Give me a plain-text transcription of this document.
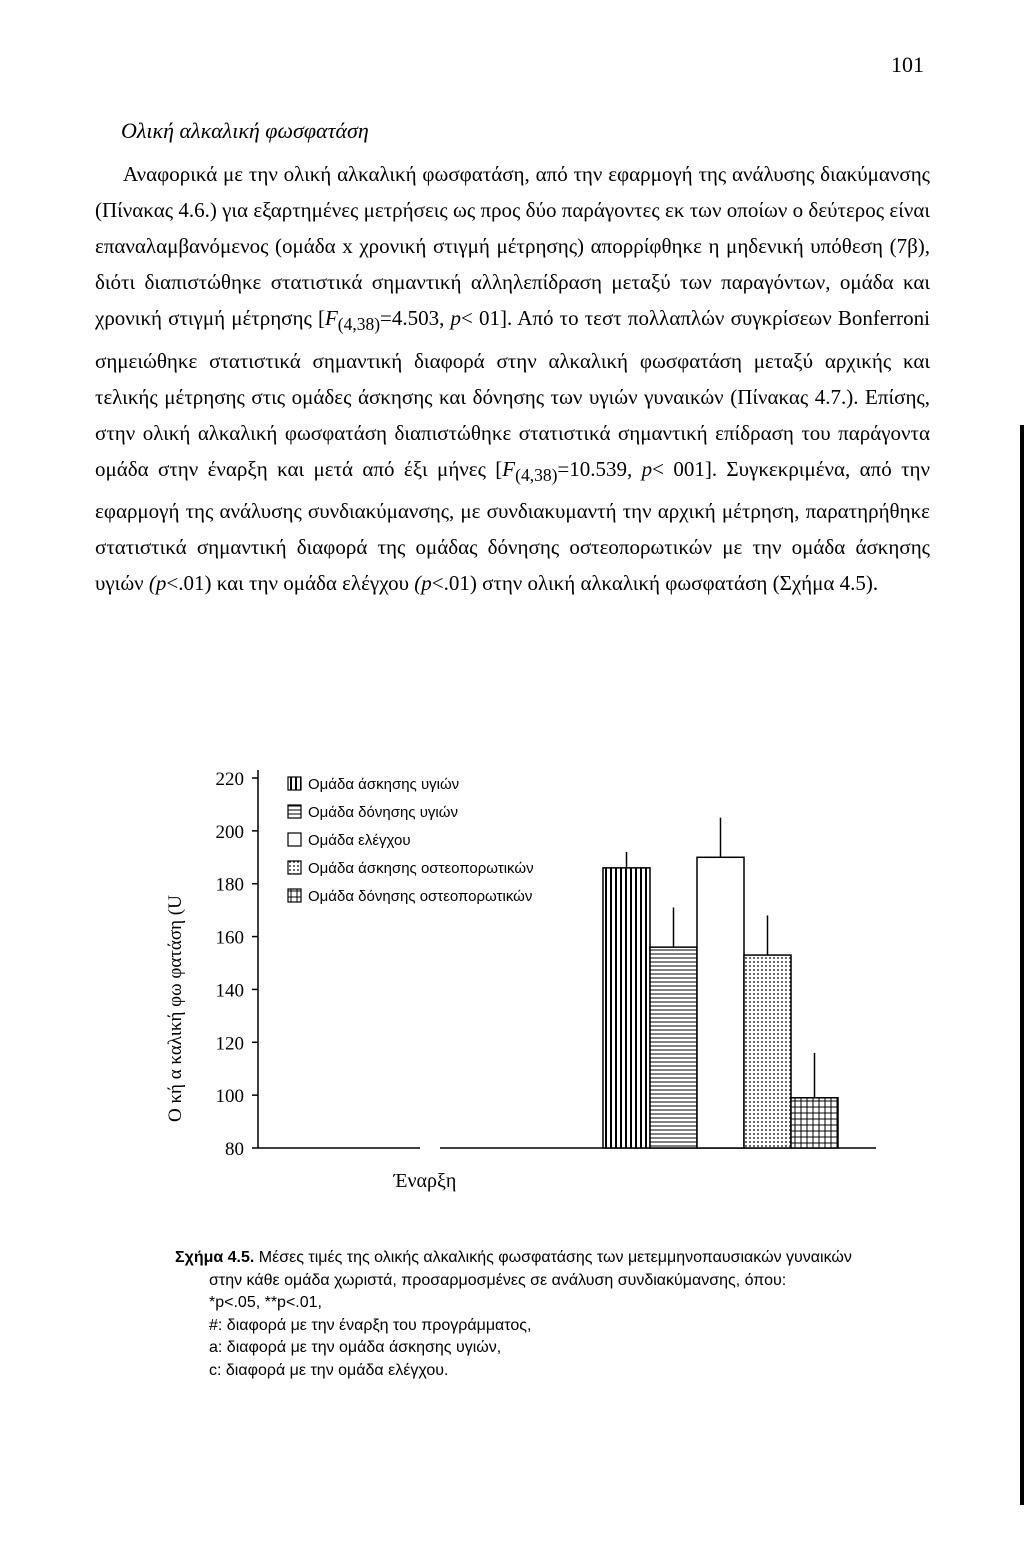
101
Ολική αλκαλική φωσφατάση

Αναφορικά με την ολική αλκαλική φωσφατάση, από την εφαρμογή της ανάλυσης διακύμανσης (Πίνακας 4.6.) για εξαρτημένες μετρήσεις ως προς δύο παράγοντες εκ των οποίων ο δεύτερος είναι επαναλαμβανόμενος (ομάδα x χρονική στιγμή μέτρησης) απορρίφθηκε η μηδενική υπόθεση (7β), διότι διαπιστώθηκε στατιστικά σημαντική αλληλεπίδραση μεταξύ των παραγόντων, ομάδα και χρονική στιγμή μέτρησης [$F_{(4,38)}=4.503$, p< 01]. Από το τεστ πολλαπλών συγκρίσεων Bonferroni σημειώθηκε στατιστικά σημαντική διαφορά στην αλκαλική φωσφατάση μεταξύ αρχικής και τελικής μέτρησης στις ομάδες άσκησης και δόνησης των υγιών γυναικών (Πίνακας 4.7.). Επίσης, στην ολική αλκαλική φωσφατάση διαπιστώθηκε στατιστικά σημαντική επίδραση του παράγοντα ομάδα στην έναρξη και μετά από έξι μήνες [$F_{(4,38)}=10.539$, p< 001]. Συγκεκριμένα, από την εφαρμογή της ανάλυσης συνδιακύμανσης, με συνδιακυμαντή την αρχική μέτρηση, παρατηρήθηκε στατιστικά σημαντική διαφορά της ομάδας δόνησης οστεοπορωτικών με την ομάδα άσκησης υγιών (p<.01) και την ομάδα ελέγχου (p<.01) στην ολική αλκαλική φωσφατάση (Σχήμα 4.5).

Ο κή α καλική φω φατάση (U
220
200
180
160
140
120
100
80
Έναρξη
Ομάδα άσκησης υγιών
Ομάδα δόνησης υγιών
Ομάδα ελέγχου
Ομάδα άσκησης οστεοπορωτικών
Ομάδα δόνησης οστεοπορωτικών
Σχήμα 4.5. Μέσες τιμές της ολικής αλκαλικής φωσφατάσης των μετεμμηνοπαυσιακών γυναικών
στην κάθε ομάδα χωριστά, προσαρμοσμένες σε ανάλυση συνδιακύμανσης, όπου:
*p<.05, **p<.01,
#: διαφορά με την έναρξη του προγράμματος,
a: διαφορά με την ομάδα άσκησης υγιών,
c: διαφορά με την ομάδα ελέγχου.
